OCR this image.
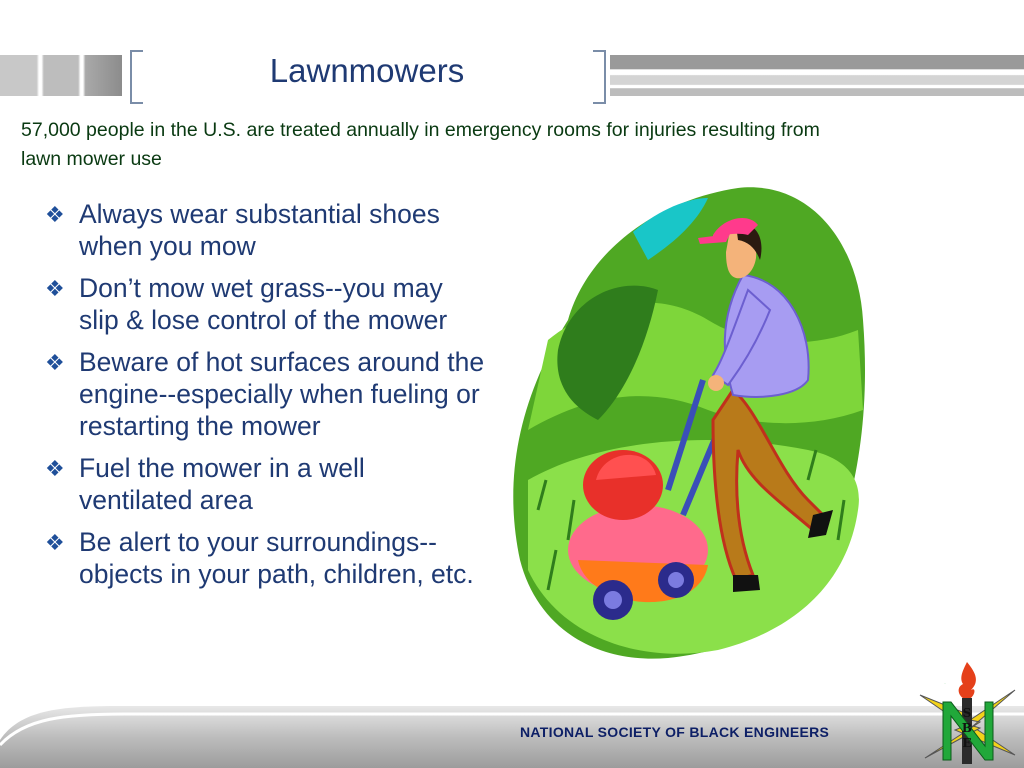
Lawnmowers
57,000 people in the U.S. are treated annually in emergency rooms for injuries resulting from lawn mower use
❖ Always wear substantial shoes when you mow
❖ Don’t mow wet grass--you may slip & lose control of the mower
❖ Beware of hot surfaces around the engine--especially when fueling or restarting the mower
❖ Fuel the mower in a well ventilated area
❖ Be alert to your surroundings--objects in your path, children, etc.
NATIONAL SOCIETY OF BLACK ENGINEERS
S
B
E
N
